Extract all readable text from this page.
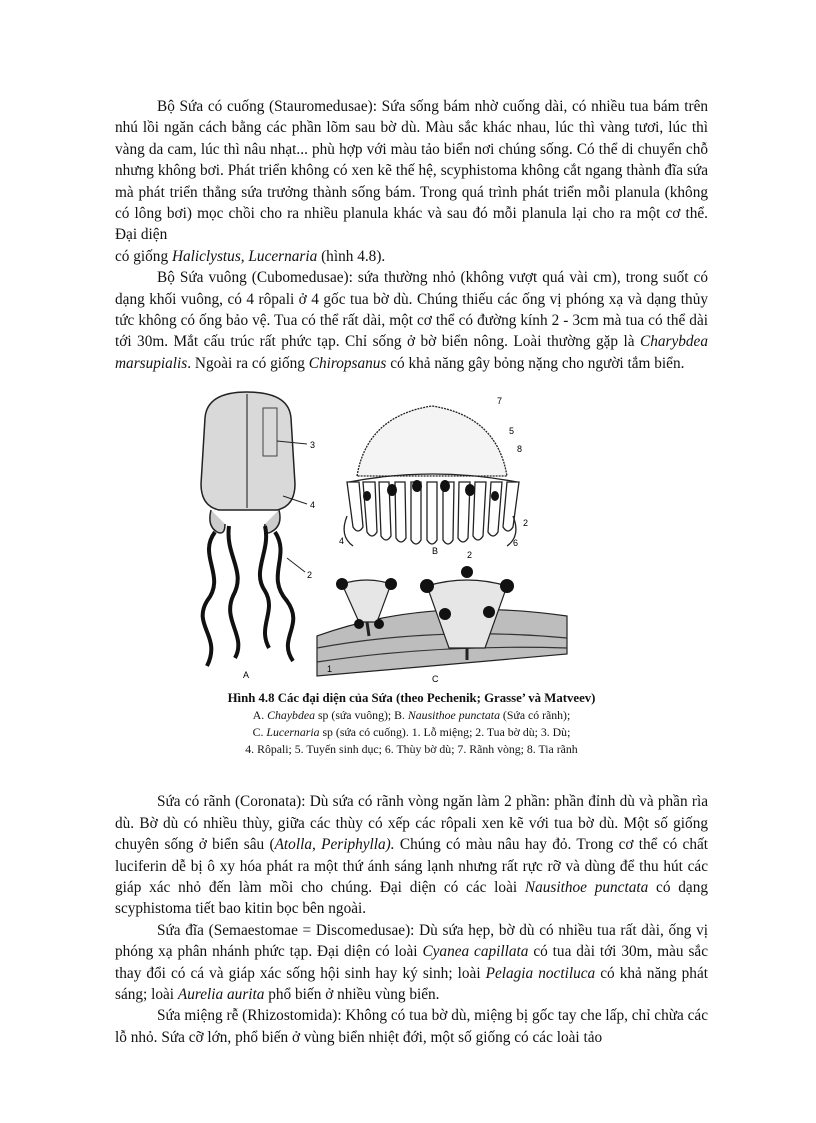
Bộ Sứa có cuống (Stauromedusae): Sứa sống bám nhờ cuống dài, có nhiều tua bám trên nhú lồi ngăn cách bằng các phần lõm sau bờ dù. Màu sắc khác nhau, lúc thì vàng tươi, lúc thì vàng da cam, lúc thì nâu nhạt... phù hợp với màu tảo biển nơi chúng sống. Có thể di chuyển chỗ nhưng không bơi. Phát triển không có xen kẽ thế hệ, scyphistoma không cắt ngang thành đĩa sứa mà phát triển thẳng sứa trưởng thành sống bám. Trong quá trình phát triển mỗi planula (không có lông bơi) mọc chồi cho ra nhiều planula khác và sau đó mỗi planula lại cho ra một cơ thể. Đại diện

có giống Haliclystus, Lucernaria (hình 4.8).

Bộ Sứa vuông (Cubomedusae): sứa thường nhỏ (không vượt quá vài cm), trong suốt có dạng khối vuông, có 4 rôpali ở 4 gốc tua bờ dù. Chúng thiếu các ống vị phóng xạ và dạng thủy tức không có ống bảo vệ. Tua có thể rất dài, một cơ thể có đường kính 2 - 3cm mà tua có thể dài tới 30m. Mắt cấu trúc rất phức tạp. Chỉ sống ở bờ biển nông. Loài thường gặp là Charybdea marsupialis. Ngoài ra có giống Chiropsanus có khả năng gây bỏng nặng cho người tắm biển.

3
4
2
A
7
5
8
4
B
2
6
2
1
C
Hình 4.8 Các đại diện của Sứa (theo Pechenik; Grasse’ và Matveev)
A. Chaybdea sp (sứa vuông); B. Nausithoe punctata (Sứa có rãnh);
C. Lucernaria sp (sứa có cuống). 1. Lỗ miệng; 2. Tua bờ dù; 3. Dù;
4. Rôpali; 5. Tuyến sinh dục; 6. Thùy bờ dù; 7. Rãnh vòng; 8. Tia rãnh

Sứa có rãnh (Coronata): Dù sứa có rãnh vòng ngăn làm 2 phần: phần đỉnh dù và phần rìa dù. Bờ dù có nhiều thùy, giữa các thùy có xếp các rôpali xen kẽ với tua bờ dù. Một số giống chuyên sống ở biển sâu (Atolla, Periphylla). Chúng có màu nâu hay đỏ. Trong cơ thể có chất luciferin dễ bị ô xy hóa phát ra một thứ ánh sáng lạnh nhưng rất rực rỡ và dùng để thu hút các giáp xác nhỏ đến làm mồi cho chúng. Đại diện có các loài Nausithoe punctata có dạng scyphistoma tiết bao kitin bọc bên ngoài.

Sứa đĩa (Semaestomae = Discomedusae): Dù sứa hẹp, bờ dù có nhiều tua rất dài, ống vị phóng xạ phân nhánh phức tạp. Đại diện có loài Cyanea capillata có tua dài tới 30m, màu sắc thay đổi có cá và giáp xác sống hội sinh hay ký sinh; loài Pelagia noctiluca có khả năng phát sáng; loài Aurelia aurita phổ biến ở nhiều vùng biển.

Sứa miệng rễ (Rhizostomida): Không có tua bờ dù, miệng bị gốc tay che lấp, chỉ chừa các lỗ nhỏ. Sứa cỡ lớn, phổ biến ở vùng biển nhiệt đới, một số giống có các loài tảo
